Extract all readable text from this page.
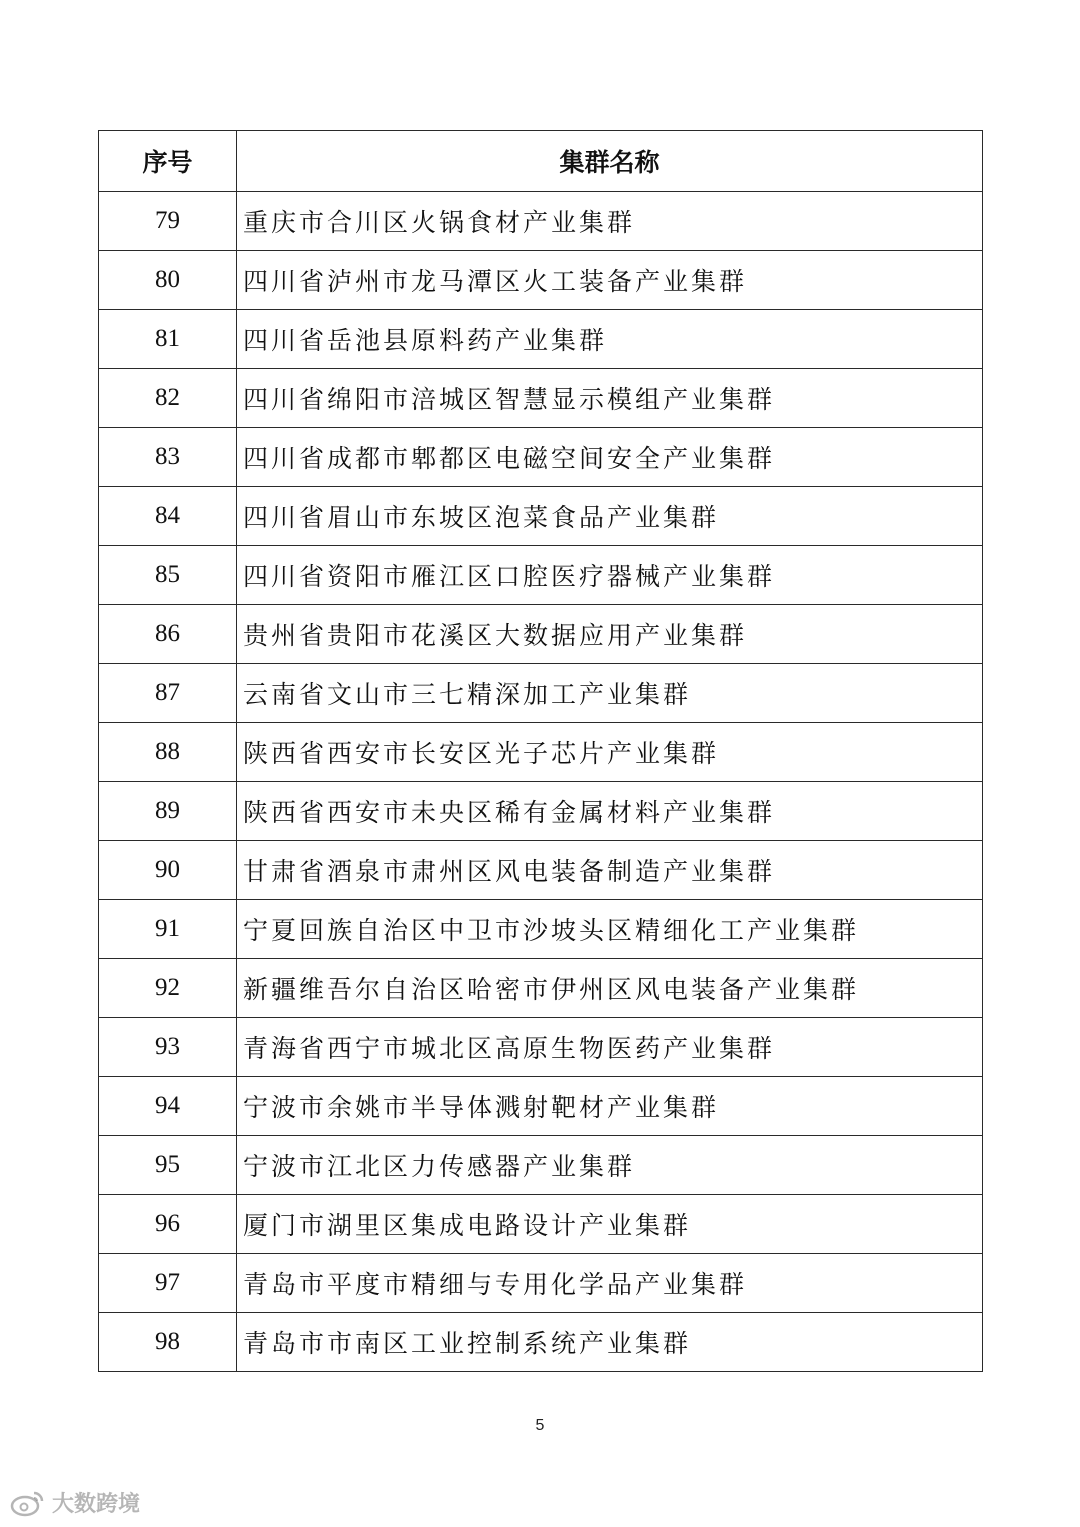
序号	集群名称
79	重庆市合川区火锅食材产业集群
80	四川省泸州市龙马潭区火工装备产业集群
81	四川省岳池县原料药产业集群
82	四川省绵阳市涪城区智慧显示模组产业集群
83	四川省成都市郫都区电磁空间安全产业集群
84	四川省眉山市东坡区泡菜食品产业集群
85	四川省资阳市雁江区口腔医疗器械产业集群
86	贵州省贵阳市花溪区大数据应用产业集群
87	云南省文山市三七精深加工产业集群
88	陕西省西安市长安区光子芯片产业集群
89	陕西省西安市未央区稀有金属材料产业集群
90	甘肃省酒泉市肃州区风电装备制造产业集群
91	宁夏回族自治区中卫市沙坡头区精细化工产业集群
92	新疆维吾尔自治区哈密市伊州区风电装备产业集群
93	青海省西宁市城北区高原生物医药产业集群
94	宁波市余姚市半导体溅射靶材产业集群
95	宁波市江北区力传感器产业集群
96	厦门市湖里区集成电路设计产业集群
97	青岛市平度市精细与专用化学品产业集群
98	青岛市市南区工业控制系统产业集群
5
大数跨境
